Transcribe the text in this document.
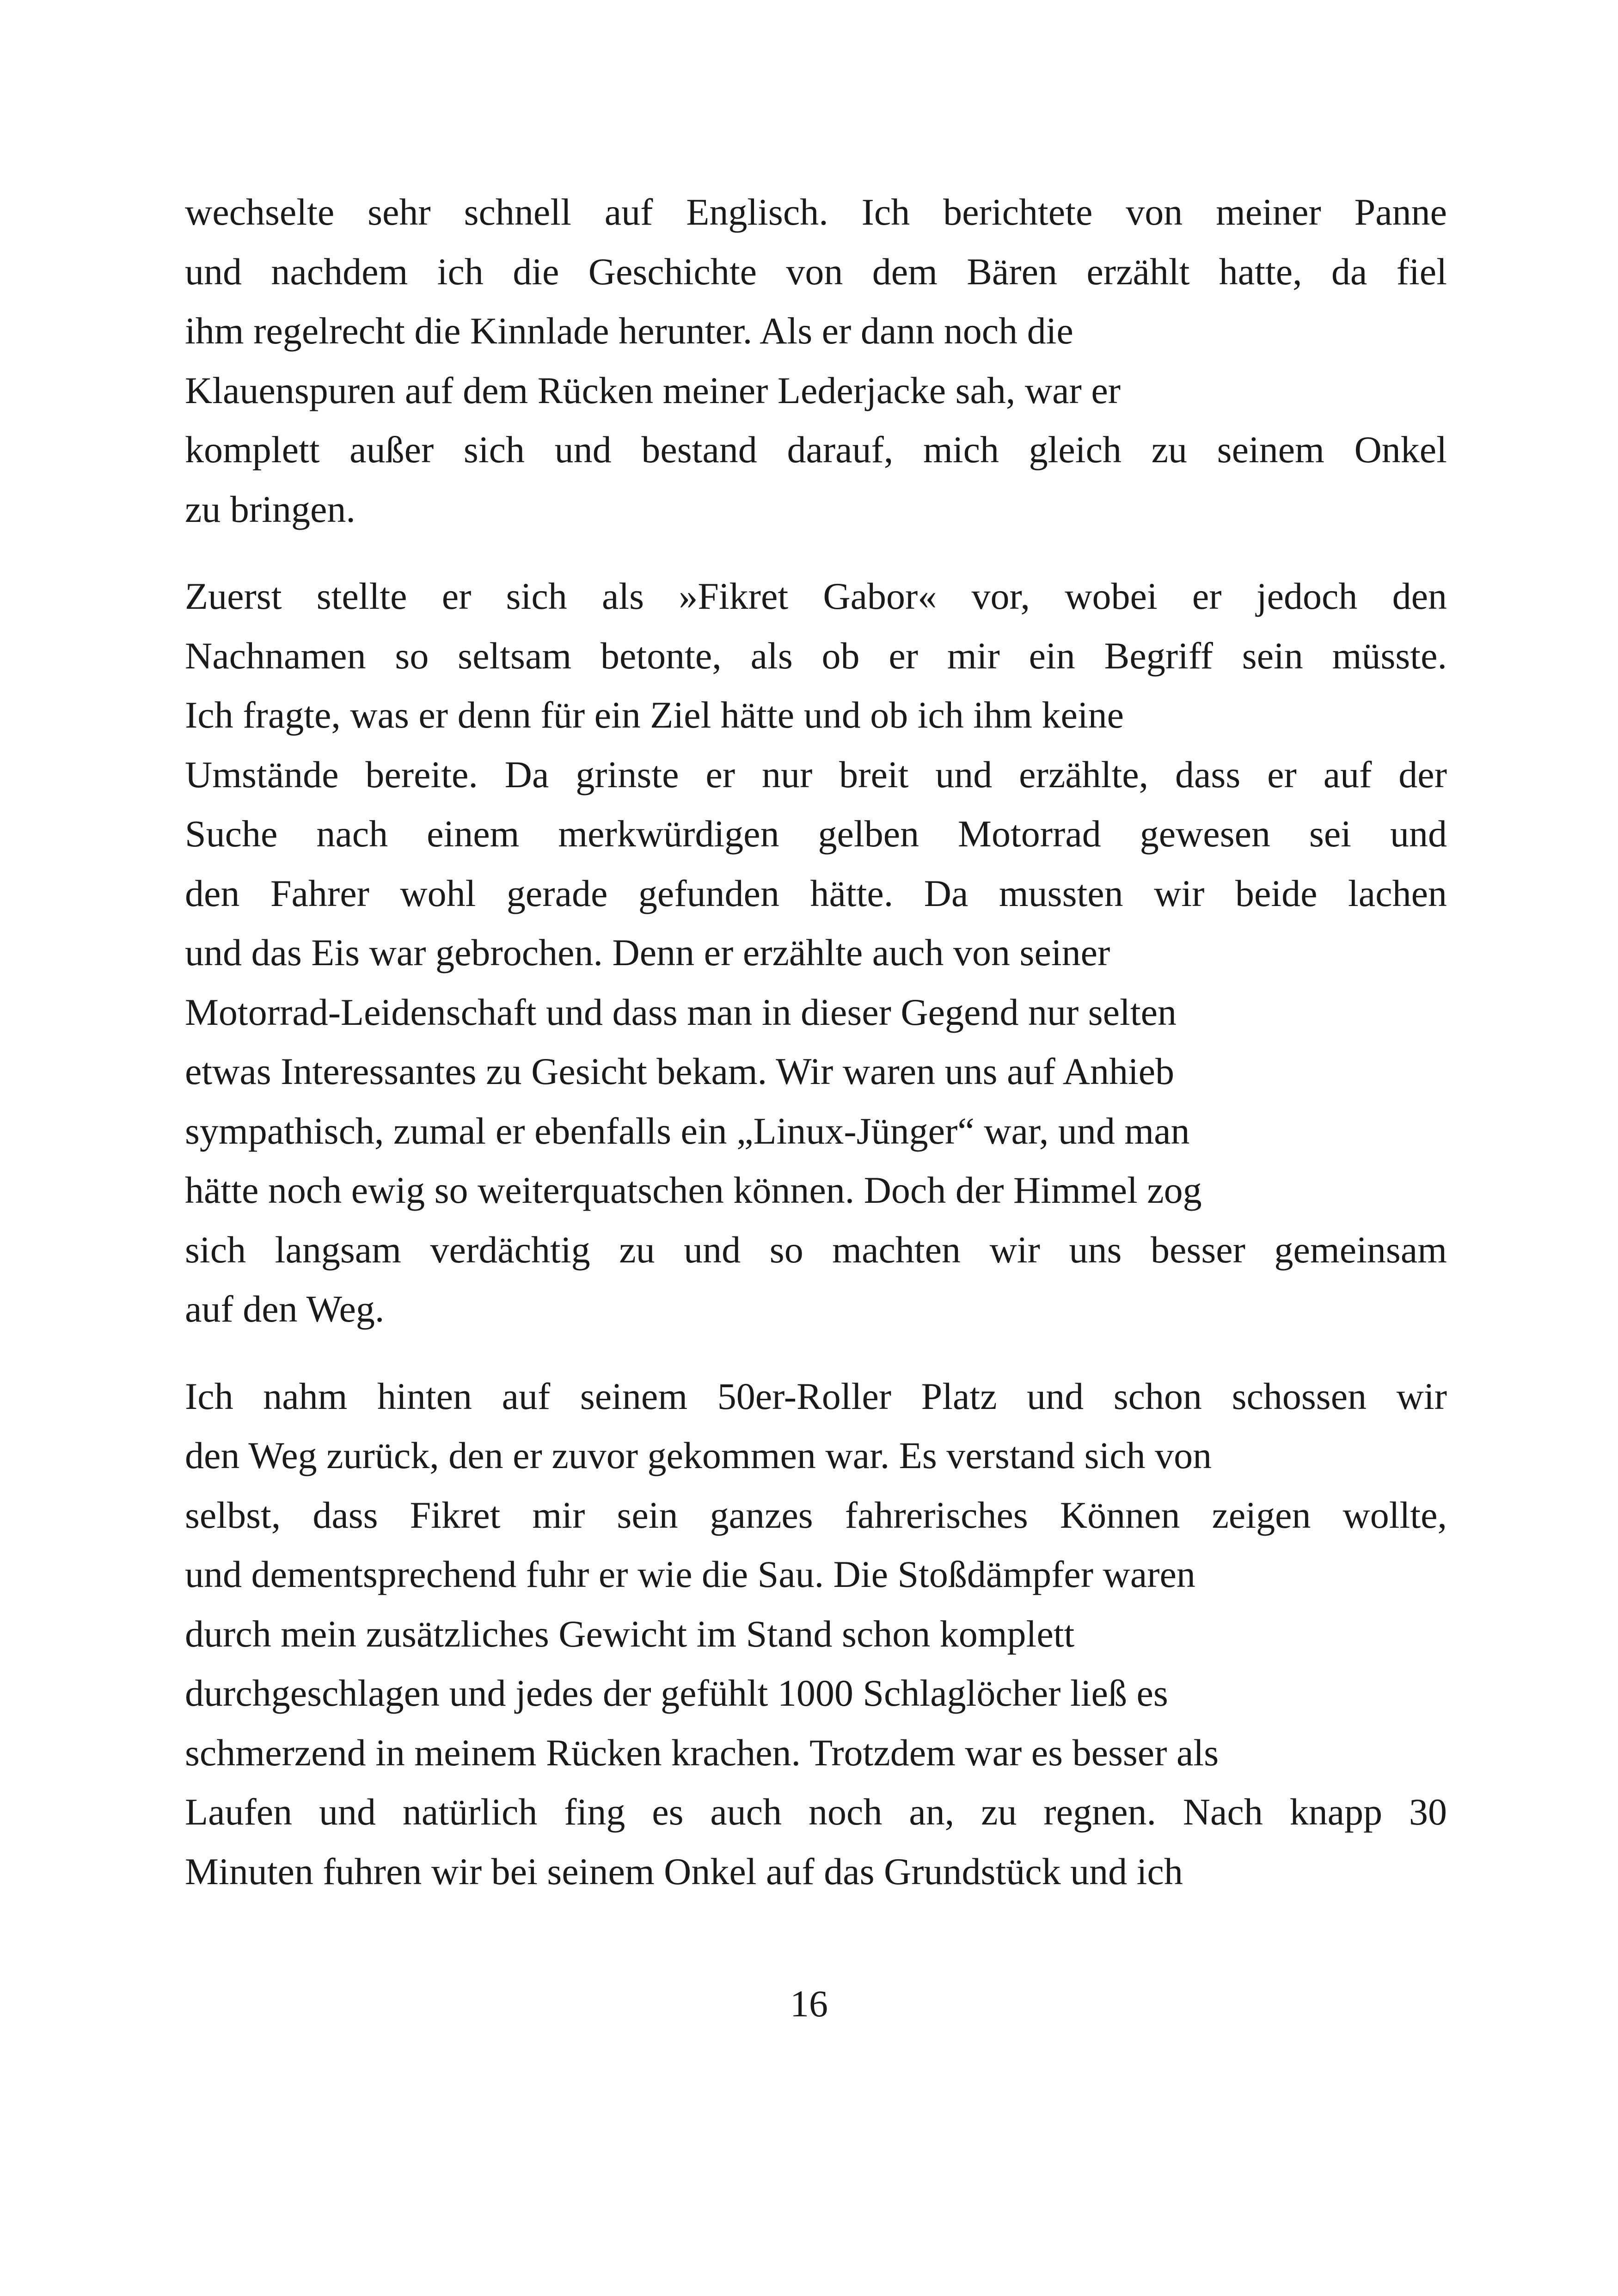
wechselte sehr schnell auf Englisch. Ich berichtete von meiner Panne
und nachdem ich die Geschichte von dem Bären erzählt hatte, da fiel
ihm regelrecht die Kinnlade herunter. Als er dann noch die
Klauenspuren auf dem Rücken meiner Lederjacke sah, war er
komplett außer sich und bestand darauf, mich gleich zu seinem Onkel
zu bringen.
Zuerst stellte er sich als »Fikret Gabor« vor, wobei er jedoch den
Nachnamen so seltsam betonte, als ob er mir ein Begriff sein müsste.
Ich fragte, was er denn für ein Ziel hätte und ob ich ihm keine
Umstände bereite. Da grinste er nur breit und erzählte, dass er auf der
Suche nach einem merkwürdigen gelben Motorrad gewesen sei und
den Fahrer wohl gerade gefunden hätte. Da mussten wir beide lachen
und das Eis war gebrochen. Denn er erzählte auch von seiner
Motorrad-Leidenschaft und dass man in dieser Gegend nur selten
etwas Interessantes zu Gesicht bekam. Wir waren uns auf Anhieb
sympathisch, zumal er ebenfalls ein „Linux-Jünger“ war, und man
hätte noch ewig so weiterquatschen können. Doch der Himmel zog
sich langsam verdächtig zu und so machten wir uns besser gemeinsam
auf den Weg.
Ich nahm hinten auf seinem 50er-Roller Platz und schon schossen wir
den Weg zurück, den er zuvor gekommen war. Es verstand sich von
selbst, dass Fikret mir sein ganzes fahrerisches Können zeigen wollte,
und dementsprechend fuhr er wie die Sau. Die Stoßdämpfer waren
durch mein zusätzliches Gewicht im Stand schon komplett
durchgeschlagen und jedes der gefühlt 1000 Schlaglöcher ließ es
schmerzend in meinem Rücken krachen. Trotzdem war es besser als
Laufen und natürlich fing es auch noch an, zu regnen. Nach knapp 30
Minuten fuhren wir bei seinem Onkel auf das Grundstück und ich
16
